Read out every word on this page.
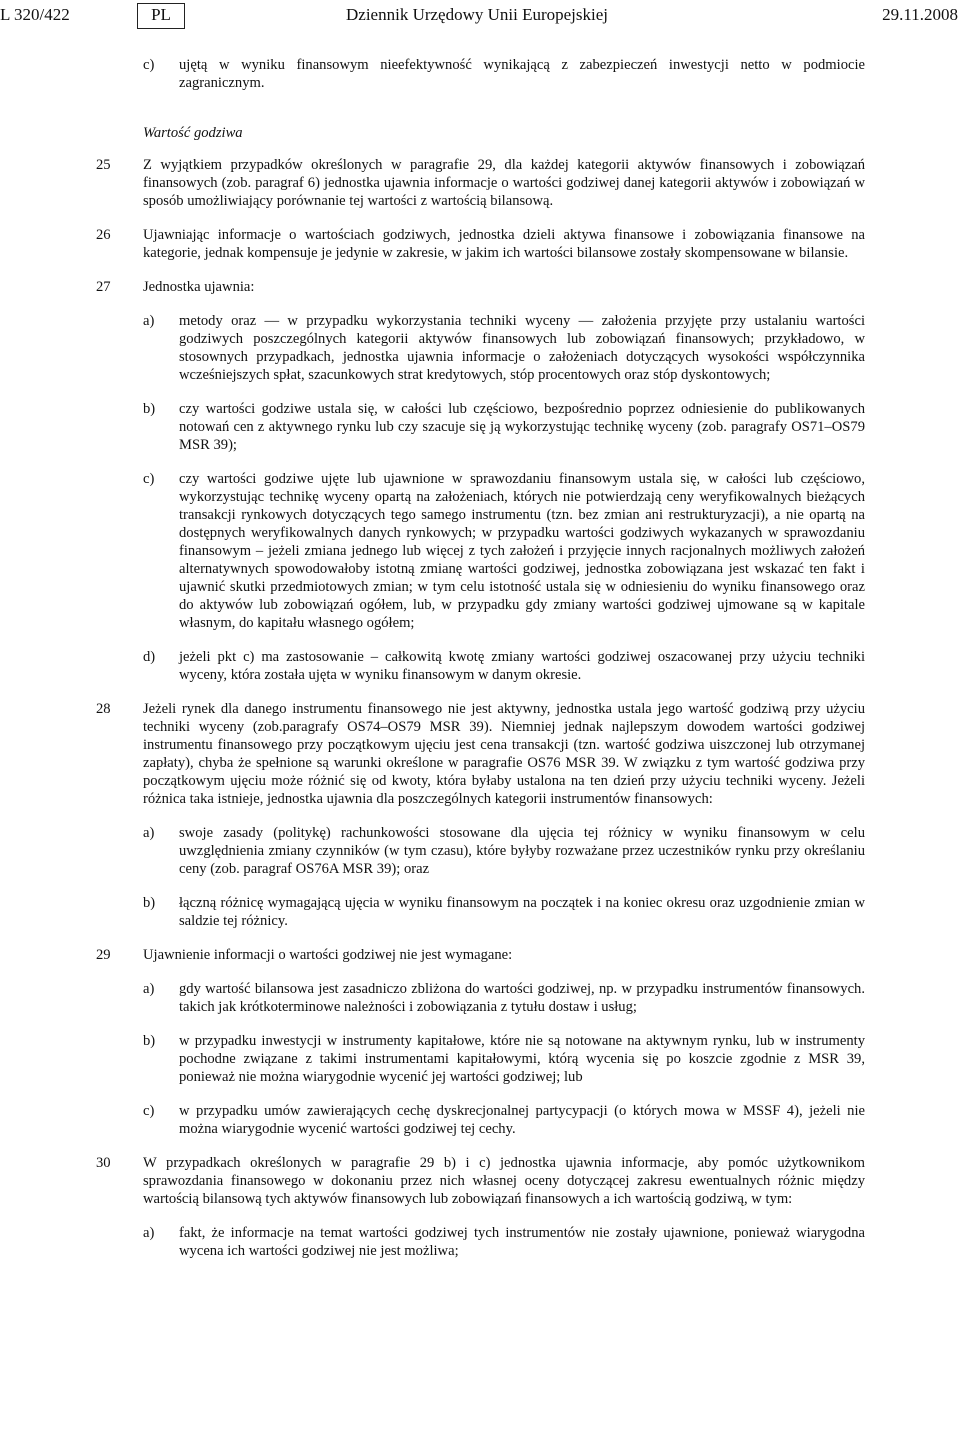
L 320/422	PL	Dziennik Urzędowy Unii Europejskiej	29.11.2008
c) ujętą w wyniku finansowym nieefektywność wynikającą z zabezpieczeń inwestycji netto w podmiocie zagranicznym.
Wartość godziwa
25	Z wyjątkiem przypadków określonych w paragrafie 29, dla każdej kategorii aktywów finansowych i zobowiązań finansowych (zob. paragraf 6) jednostka ujawnia informacje o wartości godziwej danej kategorii aktywów i zobowiązań w sposób umożliwiający porównanie tej wartości z wartością bilansową.
26	Ujawniając informacje o wartościach godziwych, jednostka dzieli aktywa finansowe i zobowiązania finansowe na kategorie, jednak kompensuje je jedynie w zakresie, w jakim ich wartości bilansowe zostały skompensowane w bilansie.
27	Jednostka ujawnia:
a) metody oraz — w przypadku wykorzystania techniki wyceny — założenia przyjęte przy ustalaniu wartości godziwych poszczególnych kategorii aktywów finansowych lub zobowiązań finansowych; przykładowo, w stosownych przypadkach, jednostka ujawnia informacje o założeniach dotyczących wysokości współczynnika wcześniejszych spłat, szacunkowych strat kredytowych, stóp procentowych oraz stóp dyskontowych;
b) czy wartości godziwe ustala się, w całości lub częściowo, bezpośrednio poprzez odniesienie do publikowanych notowań cen z aktywnego rynku lub czy szacuje się ją wykorzystując technikę wyceny (zob. paragrafy OS71–OS79 MSR 39);
c) czy wartości godziwe ujęte lub ujawnione w sprawozdaniu finansowym ustala się, w całości lub częściowo, wykorzystując technikę wyceny opartą na założeniach, których nie potwierdzają ceny weryfikowalnych bieżących transakcji rynkowych dotyczących tego samego instrumentu (tzn. bez zmian ani restrukturyzacji), a nie opartą na dostępnych weryfikowalnych danych rynkowych; w przypadku wartości godziwych wykazanych w sprawozdaniu finansowym – jeżeli zmiana jednego lub więcej z tych założeń i przyjęcie innych racjonalnych możliwych założeń alternatywnych spowodowałoby istotną zmianę wartości godziwej, jednostka zobowiązana jest wskazać ten fakt i ujawnić skutki przedmiotowych zmian; w tym celu istotność ustala się w odniesieniu do wyniku finansowego oraz do aktywów lub zobowiązań ogółem, lub, w przypadku gdy zmiany wartości godziwej ujmowane są w kapitale własnym, do kapitału własnego ogółem;
d) jeżeli pkt c) ma zastosowanie – całkowitą kwotę zmiany wartości godziwej oszacowanej przy użyciu techniki wyceny, która została ujęta w wyniku finansowym w danym okresie.
28	Jeżeli rynek dla danego instrumentu finansowego nie jest aktywny, jednostka ustala jego wartość godziwą przy użyciu techniki wyceny (zob.paragrafy OS74–OS79 MSR 39). Niemniej jednak najlepszym dowodem wartości godziwej instrumentu finansowego przy początkowym ujęciu jest cena transakcji (tzn. wartość godziwa uiszczonej lub otrzymanej zapłaty), chyba że spełnione są warunki określone w paragrafie OS76 MSR 39. W związku z tym wartość godziwa przy początkowym ujęciu może różnić się od kwoty, która byłaby ustalona na ten dzień przy użyciu techniki wyceny. Jeżeli różnica taka istnieje, jednostka ujawnia dla poszczególnych kategorii instrumentów finansowych:
a) swoje zasady (politykę) rachunkowości stosowane dla ujęcia tej różnicy w wyniku finansowym w celu uwzględnienia zmiany czynników (w tym czasu), które byłyby rozważane przez uczestników rynku przy określaniu ceny (zob. paragraf OS76A MSR 39); oraz
b) łączną różnicę wymagającą ujęcia w wyniku finansowym na początek i na koniec okresu oraz uzgodnienie zmian w saldzie tej różnicy.
29	Ujawnienie informacji o wartości godziwej nie jest wymagane:
a) gdy wartość bilansowa jest zasadniczo zbliżona do wartości godziwej, np. w przypadku instrumentów finansowych. takich jak krótkoterminowe należności i zobowiązania z tytułu dostaw i usług;
b) w przypadku inwestycji w instrumenty kapitałowe, które nie są notowane na aktywnym rynku, lub w instrumenty pochodne związane z takimi instrumentami kapitałowymi, którą wycenia się po koszcie zgodnie z MSR 39, ponieważ nie można wiarygodnie wycenić jej wartości godziwej; lub
c) w przypadku umów zawierających cechę dyskrecjonalnej partycypacji (o których mowa w MSSF 4), jeżeli nie można wiarygodnie wycenić wartości godziwej tej cechy.
30	W przypadkach określonych w paragrafie 29 b) i c) jednostka ujawnia informacje, aby pomóc użytkownikom sprawozdania finansowego w dokonaniu przez nich własnej oceny dotyczącej zakresu ewentualnych różnic między wartością bilansową tych aktywów finansowych lub zobowiązań finansowych a ich wartością godziwą, w tym:
a) fakt, że informacje na temat wartości godziwej tych instrumentów nie zostały ujawnione, ponieważ wiarygodna wycena ich wartości godziwej nie jest możliwa;
